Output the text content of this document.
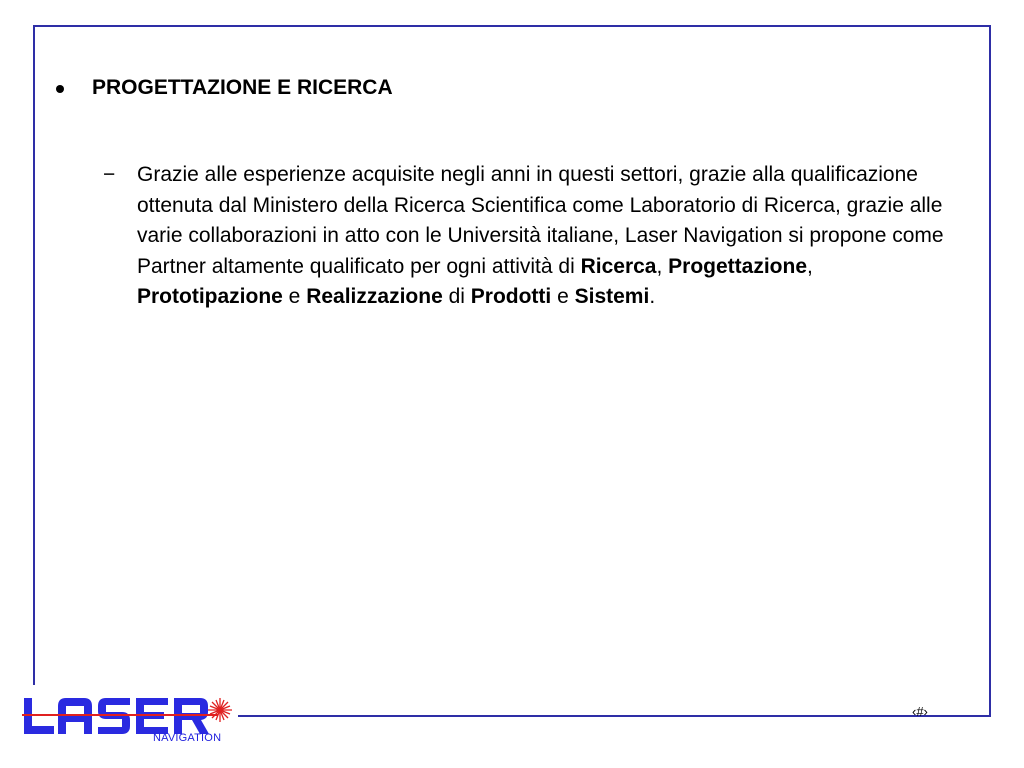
PROGETTAZIONE E RICERCA
−	Grazie alle esperienze acquisite negli anni in questi settori, grazie alla qualificazione ottenuta dal Ministero della Ricerca Scientifica come Laboratorio di Ricerca, grazie alle varie collaborazioni in atto con le Università italiane, Laser Navigation si propone come Partner altamente qualificato per ogni attività di Ricerca, Progettazione, Prototipazione e Realizzazione di Prodotti e Sistemi.
NAVIGATION
‹#›
